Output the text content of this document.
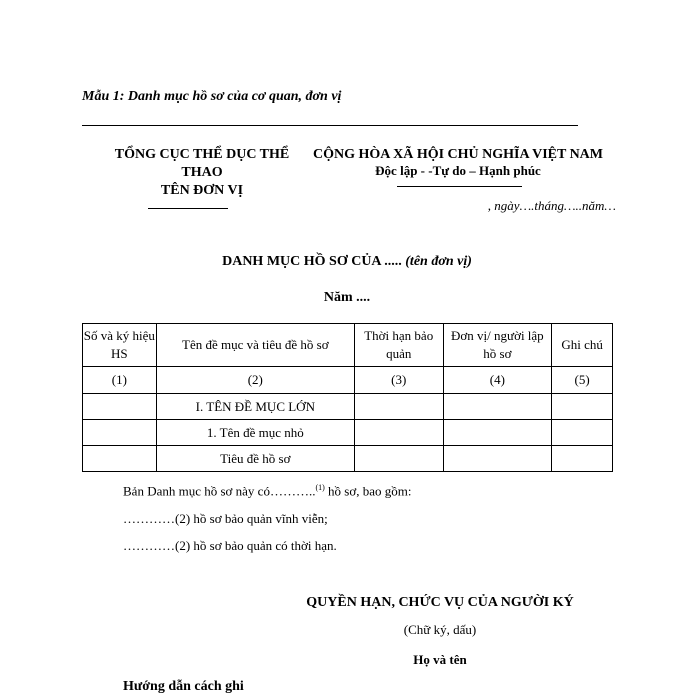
Mẫu 1: Danh mục hồ sơ của cơ quan, đơn vị
TỔNG CỤC THỂ DỤC THỂ
THAO
TÊN ĐƠN VỊ
CỘNG HÒA XÃ HỘI CHỦ NGHĨA VIỆT NAM
Độc lập - -Tự do – Hạnh phúc
, ngày….tháng…..năm…
DANH MỤC HỒ SƠ CỦA ..... (tên đơn vị)
Năm ....
Số và ký hiệu HS	Tên đề mục và tiêu đề hồ sơ	Thời hạn bảo quản	Đơn vị/ người lập hồ sơ	Ghi chú
(1)	(2)	(3)	(4)	(5)
	I. TÊN ĐỀ MỤC LỚN			
	1. Tên đề mục nhỏ			
	Tiêu đề hồ sơ			
Bản Danh mục hồ sơ này có………..$^{(1)}$ hồ sơ, bao gồm:
…………(2) hồ sơ bảo quản vĩnh viễn;
…………(2) hồ sơ bảo quản có thời hạn.
QUYỀN HẠN, CHỨC VỤ CỦA NGƯỜI KÝ
(Chữ ký, dấu)
Họ và tên
Hướng dẫn cách ghi
